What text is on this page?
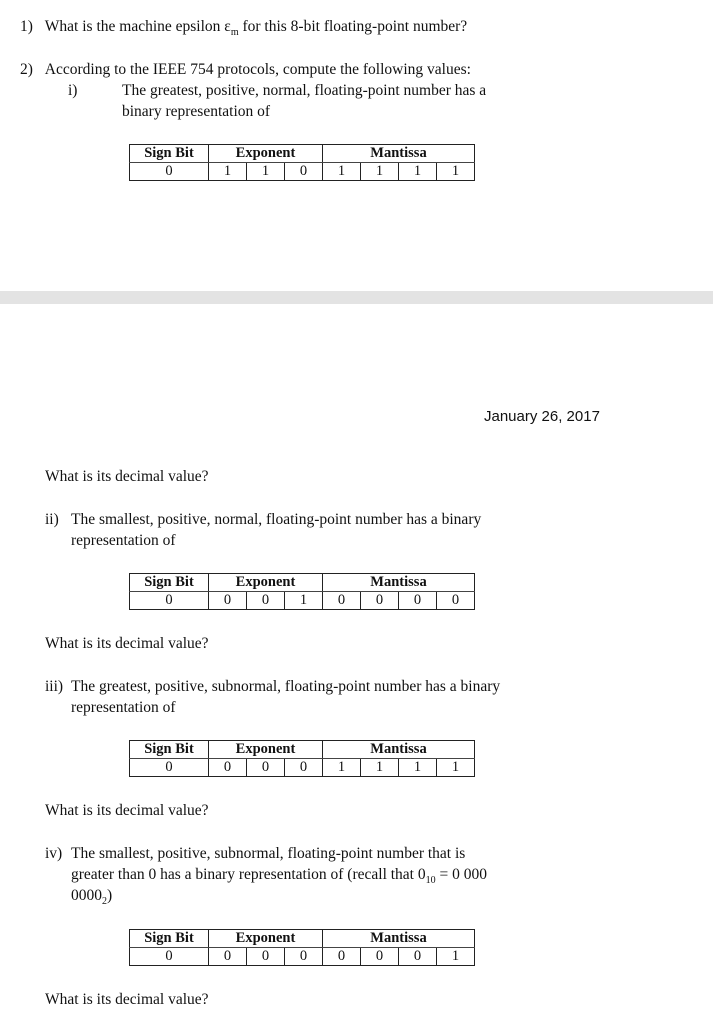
1) What is the machine epsilon $\varepsilon_m$ for this 8-bit floating-point number?
2) According to the IEEE 754 protocols, compute the following values:
i)	The greatest, positive, normal, floating-point number has a
binary representation of
Sign Bit	Exponent			Mantissa			
0	1	1	0	1	1	1	1
January 26, 2017
What is its decimal value?
ii) The smallest, positive, normal, floating-point number has a binary
representation of
Sign Bit	Exponent			Mantissa			
0	0	0	1	0	0	0	0
What is its decimal value?
iii) The greatest, positive, subnormal, floating-point number has a binary
representation of
Sign Bit	Exponent			Mantissa			
0	0	0	0	1	1	1	1
What is its decimal value?
iv) The smallest, positive, subnormal, floating-point number that is
greater than 0 has a binary representation of (recall that $0_{10} = 0$ 000
$0000_2$)
Sign Bit	Exponent			Mantissa			
0	0	0	0	0	0	0	1
What is its decimal value?
